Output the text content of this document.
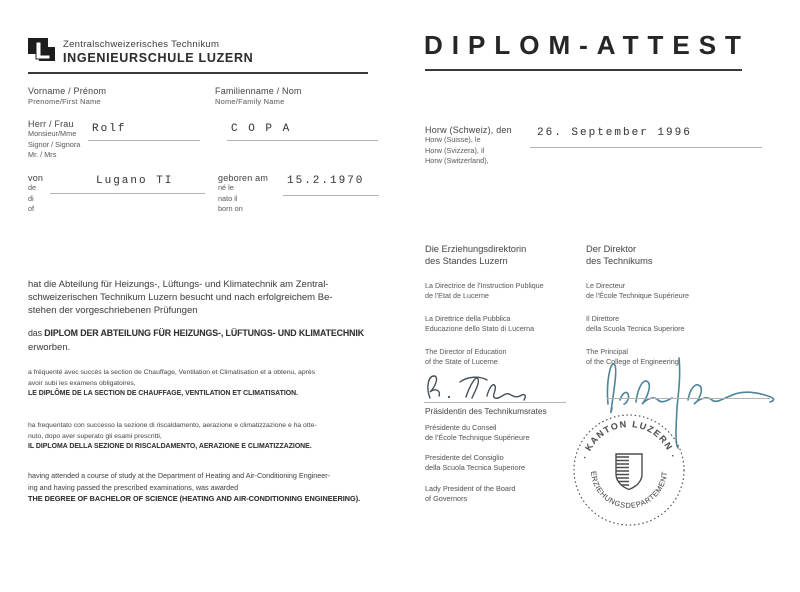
Zentralschweizerisches Technikum
INGENIEURSCHULE LUZERN
Vorname / Prénom
Prenome/First Name
Familienname / Nom
Nome/Family Name
Herr / Frau
Monsieur/Mme
Signor / Signora
Mr. / Mrs
Rolf	C O P A
von
de
di
of
Lugano TI	geboren am
né le
nato il
born on
15.2.1970
hat die Abteilung für Heizungs-, Lüftungs- und Klimatechnik am Zentral-
schweizerischen Technikum Luzern besucht und nach erfolgreichem Be-
stehen der vorgeschriebenen Prüfungen
das DIPLOM DER ABTEILUNG FÜR HEIZUNGS-, LÜFTUNGS- UND KLIMATECHNIK
erworben.
a fréquenté avec succès la section de Chauffage, Ventilation et Climatisation et a obtenu, après
avoir subi les examens obligatoires,
LE DIPLÔME DE LA SECTION DE CHAUFFAGE, VENTILATION ET CLIMATISATION.
ha frequentato con successo la sezione di riscaldamento, aerazione e climatizzazione e ha otte-
nuto, dopo aver superato gli esami prescritti,
IL DIPLOMA DELLA SEZIONE DI RISCALDAMENTO, AERAZIONE E CLIMATIZZAZIONE.
having attended a course of study at the Department of Heating and Air-Conditioning Engineer-
ing and having passed the prescribed examinations, was awarded
THE DEGREE OF BACHELOR OF SCIENCE (HEATING AND AIR-CONDITIONING ENGINEERING).
DIPLOM-ATTEST
Horw (Schweiz), den
Horw (Suisse), le
Horw (Svizzera), il
Horw (Switzerland),
26. September 1996
Die Erziehungsdirektorin
des Standes Luzern
La Directrice de l’Instruction Publique
de l’Etat de Lucerne
La Direttrice della Pubblica
Educazione dello Stato di Lucerna
The Director of Education
of the State of Lucerne
Der Direktor
des Technikums
Le Directeur
de l’École Technique Supérieure
Il Direttore
della Scuola Tecnica Superiore
The Principal
of the College of Engineering
Präsidentin des Technikumsrates
Présidente du Conseil
de l’École Technique Supérieure
Presidente del Consiglio
della Scuola Tecnica Superiore
Lady President of the Board
of Governors
· KANTON LUZERN ·
ERZIEHUNGSDEPARTEMENT
